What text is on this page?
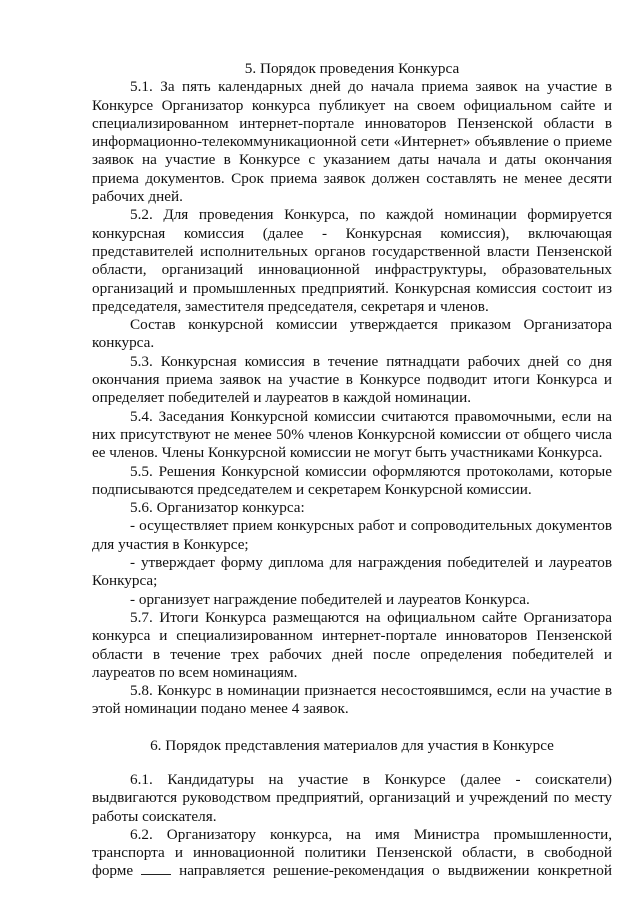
5. Порядок проведения Конкурса

5.1. За пять календарных дней до начала приема заявок на участие в Конкурсе Организатор конкурса публикует на своем официальном сайте и специализированном интернет-портале инноваторов Пензенской области в информационно-телекоммуникационной сети «Интернет» объявление о приеме заявок на участие в Конкурсе с указанием даты начала и даты окончания приема документов. Срок приема заявок должен составлять не менее десяти рабочих дней.

5.2. Для проведения Конкурса, по каждой номинации формируется конкурсная комиссия (далее - Конкурсная комиссия), включающая представителей исполнительных органов государственной власти Пензенской области, организаций инновационной инфраструктуры, образовательных организаций и промышленных предприятий. Конкурсная комиссия состоит из председателя, заместителя председателя, секретаря и членов.

Состав конкурсной комиссии утверждается приказом Организатора конкурса.

5.3. Конкурсная комиссия в течение пятнадцати рабочих дней со дня окончания приема заявок на участие в Конкурсе подводит итоги Конкурса и определяет победителей и лауреатов в каждой номинации.

5.4. Заседания Конкурсной комиссии считаются правомочными, если на них присутствуют не менее 50% членов Конкурсной комиссии от общего числа ее членов. Члены Конкурсной комиссии не могут быть участниками Конкурса.

5.5. Решения Конкурсной комиссии оформляются протоколами, которые подписываются председателем и секретарем Конкурсной комиссии.

5.6. Организатор конкурса:

- осуществляет прием конкурсных работ и сопроводительных документов для участия в Конкурсе;

- утверждает форму диплома для награждения победителей и лауреатов Конкурса;

- организует награждение победителей и лауреатов Конкурса.

5.7. Итоги Конкурса размещаются на официальном сайте Организатора конкурса и специализированном интернет-портале инноваторов Пензенской области в течение трех рабочих дней после определения победителей и лауреатов по всем номинациям.

5.8. Конкурс в номинации признается несостоявшимся, если на участие в этой номинации подано менее 4 заявок.

6. Порядок представления материалов для участия в Конкурсе

6.1. Кандидатуры на участие в Конкурсе (далее - соискатели) выдвигаются руководством предприятий, организаций и учреждений по месту работы соискателя.

6.2. Организатору конкурса, на имя Министра промышленности, транспорта и инновационной политики Пензенской области, в свободной форме	направляется решение-рекомендация о выдвижении конкретной
